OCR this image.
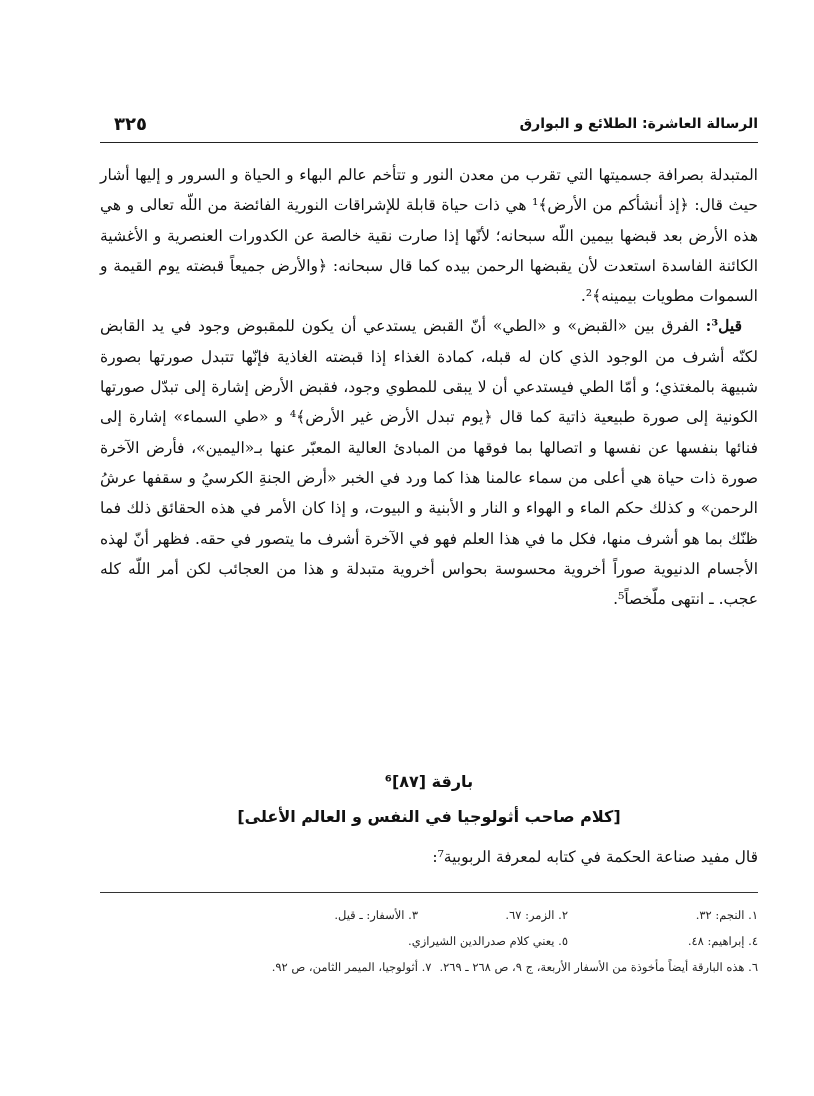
٣٢٥	الرسالة العاشرة: الطلائع و البوارق

المتبدلة بصرافة جسميتها التي تقرب من معدن النور و تتأخم عالم البهاء و الحياة و السرور و إليها أشار حيث قال: ﴿إذ أنشأكم من الأرض﴾¹ هي ذات حياة قابلة للإشراقات النورية الفائضة من اللّه تعالى و هي هذه الأرض بعد قبضها بيمين اللّه سبحانه؛ لأنّها إذا صارت نقية خالصة عن الكدورات العنصرية و الأغشية الكائنة الفاسدة استعدت لأن يقبضها الرحمن بيده كما قال سبحانه: ﴿والأرض جميعاً قبضته يوم القيمة و السموات مطويات بيمينه﴾².

قيل³: الفرق بين «القبض» و «الطي» أنّ القبض يستدعي أن يكون للمقبوض وجود في يد القابض لكنّه أشرف من الوجود الذي كان له قبله، كمادة الغذاء إذا قبضته الغاذية فإنّها تتبدل صورتها بصورة شبيهة بالمغتذي؛ و أمّا الطي فيستدعي أن لا يبقى للمطوي وجود، فقبض الأرض إشارة إلى تبدّل صورتها الكونية إلى صورة طبيعية ذاتية كما قال ﴿يوم تبدل الأرض غير الأرض﴾⁴ و «طي السماء» إشارة إلى فنائها بنفسها عن نفسها و اتصالها بما فوقها من المبادئ العالية المعبّر عنها بـ«اليمين»، فأرض الآخرة صورة ذات حياة هي أعلى من سماء عالمنا هذا كما ورد في الخبر «أرض الجنةِ الكرسيُ و سقفها عرشُ الرحمن» و كذلك حكم الماء و الهواء و النار و الأبنية و البيوت، و إذا كان الأمر في هذه الحقائق ذلك فما ظنّك بما هو أشرف منها، فكل ما في هذا العلم فهو في الآخرة أشرف ما يتصور في حقه. فظهر أنّ لهذه الأجسام الدنيوية صوراً أخروية محسوسة بحواس أخروية متبدلة و هذا من العجائب لكن أمر اللّه كله عجب. ـ انتهى ملّخصاً⁵.

بارقة [٨٧]⁶
[كلام صاحب أثولوجيا في النفس و العالم الأعلى]
قال مفيد صناعة الحكمة في كتابه لمعرفة الربوبية⁷:
١. النجم: ٣٢.
٢. الزمر: ٦٧.
٣. الأسفار: ـ قيل.
٤. إبراهيم: ٤٨.
٥. يعني كلام صدرالدين الشيرازي.
٦. هذه البارقة أيضاً مأخوذة من الأسفار الأربعة، ج ٩، ص ٢٦٨ ـ ٢٦٩.
٧. أثولوجيا، الميمر الثامن، ص ٩٢.
